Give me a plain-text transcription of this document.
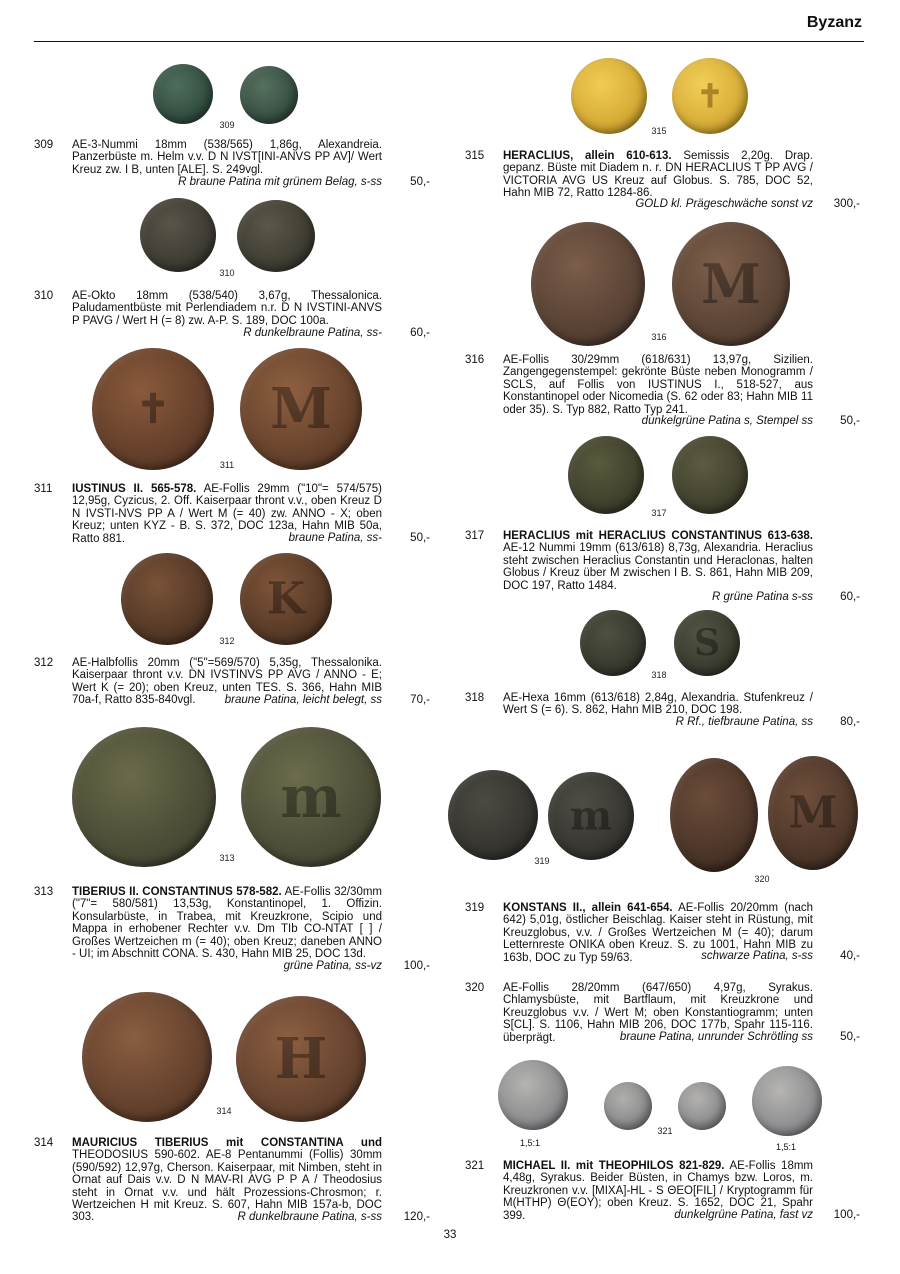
Byzanz
309
309 AE-3-Nummi 18mm (538/565) 1,86g, Alexandreia. Panzerbüste m. Helm v.v. D N IVST[INI-ANVS PP AV]/ Wert Kreuz zw. I B, unten [ALE]. S. 249vgl.
R braune Patina mit grünem Belag, s-ss	50,-
310
310 AE-Okto 18mm (538/540) 3,67g, Thessalonica. Paludamentbüste mit Perlendiadem n.r. D N IVSTINI-ANVS P PAVG / Wert H (= 8) zw. A-P. S. 189, DOC 100a.
R dunkelbraune Patina, ss-	60,-
✝	M
311
311 IUSTINUS II. 565-578. AE-Follis 29mm ("10"= 574/575) 12,95g, Cyzicus, 2. Off. Kaiserpaar thront v.v., oben Kreuz D N IVSTI-NVS PP A / Wert M (= 40) zw. ANNO - X; oben Kreuz; unten KYZ - B. S. 372, DOC 123a, Hahn MIB 50a, Ratto 881.	braune Patina, ss-	50,-
K
312
312 AE-Halbfollis 20mm ("5"=569/570) 5,35g, Thessalonika. Kaiserpaar thront v.v. DN IVSTINVS PP AVG / ANNO - E; Wert K (= 20); oben Kreuz, unten TES. S. 366, Hahn MIB 70a-f, Ratto 835-840vgl.	braune Patina, leicht belegt, ss	70,-
m
313
313 TIBERIUS II. CONSTANTINUS 578-582. AE-Follis 32/30mm ("7"= 580/581) 13,53g, Konstantinopel, 1. Offizin. Konsularbüste, in Trabea, mit Kreuzkrone, Scipio und Mappa in erhobener Rechter v.v. Dm TIb CO-NTAT [ ] / Großes Wertzeichen m (= 40); oben Kreuz; daneben ANNO - UI; im Abschnitt CONA. S. 430, Hahn MIB 25, DOC 13d.
grüne Patina, ss-vz	100,-
H
314
314 MAURICIUS TIBERIUS mit CONSTANTINA und THEODOSIUS 590-602. AE-8 Pentanummi (Follis) 30mm (590/592) 12,97g, Cherson. Kaiserpaar, mit Nimben, steht in Ornat auf Dais v.v. D N MAV-RI AVG P P A / Theodosius steht in Ornat v.v. und hält Prozessions-Chrosmon; r. Wertzeichen H mit Kreuz. S. 607, Hahn MIB 157a-b, DOC 303.	R dunkelbraune Patina, s-ss	120,-
✝
315
315 HERACLIUS, allein 610-613. Semissis 2,20g. Drap. gepanz. Büste mit Diadem n. r. DN HERACLIUS T PP AVG / VICTORIA AVG US Kreuz auf Globus. S. 785, DOC 52, Hahn MIB 72, Ratto 1284-86.
GOLD kl. Prägeschwäche sonst vz	300,-
M
316
316 AE-Follis 30/29mm (618/631) 13,97g, Sizilien. Zangengegenstempel: gekrönte Büste neben Monogramm / SCLS, auf Follis von IUSTINUS I., 518-527, aus Konstantinopel oder Nicomedia (S. 62 oder 83; Hahn MIB 11 oder 35). S. Typ 882, Ratto Typ 241.
dunkelgrüne Patina s, Stempel ss	50,-
317
317 HERACLIUS mit HERACLIUS CONSTANTINUS 613-638. AE-12 Nummi 19mm (613/618) 8,73g, Alexandria. Heraclius steht zwischen Heraclius Constantin und Heraclonas, halten Globus / Kreuz über M zwischen I B. S. 861, Hahn MIB 209, DOC 197, Ratto 1484.
R grüne Patina s-ss	60,-
S
318
318 AE-Hexa 16mm (613/618) 2,84g, Alexandria. Stufenkreuz / Wert S (= 6). S. 862, Hahn MIB 210, DOC 198.
R Rf., tiefbraune Patina, ss	80,-
m
319
M
320
319 KONSTANS II., allein 641-654. AE-Follis 20/20mm (nach 642) 5,01g, östlicher Beischlag. Kaiser steht in Rüstung, mit Kreuzglobus, v.v. / Großes Wertzeichen M (= 40); darum Letternreste ONIKA oben Kreuz. S. zu 1001, Hahn MIB zu 163b, DOC zu Typ 59/63.	schwarze Patina, s-ss	40,-
320 AE-Follis 28/20mm (647/650) 4,97g, Syrakus. Chlamysbüste, mit Bartflaum, mit Kreuzkrone und Kreuzglobus v.v. / Wert M; oben Konstantiogramm; unten S[CL]. S. 1106, Hahn MIB 206, DOC 177b, Spahr 115-116. überprägt.	braune Patina, unrunder Schrötling ss	50,-
1,5:1
321
1,5:1
321 MICHAEL II. mit THEOPHILOS 821-829. AE-Follis 18mm 4,48g, Syrakus. Beider Büsten, in Chamys bzw. Loros, m. Kreuzkronen v.v. [MIXA]-HL - S ΘEO[FIL] / Kryptogramm für M(HTHP) Θ(EOY); oben Kreuz. S. 1652, DOC 21, Spahr 399.	dunkelgrüne Patina, fast vz	100,-
33
